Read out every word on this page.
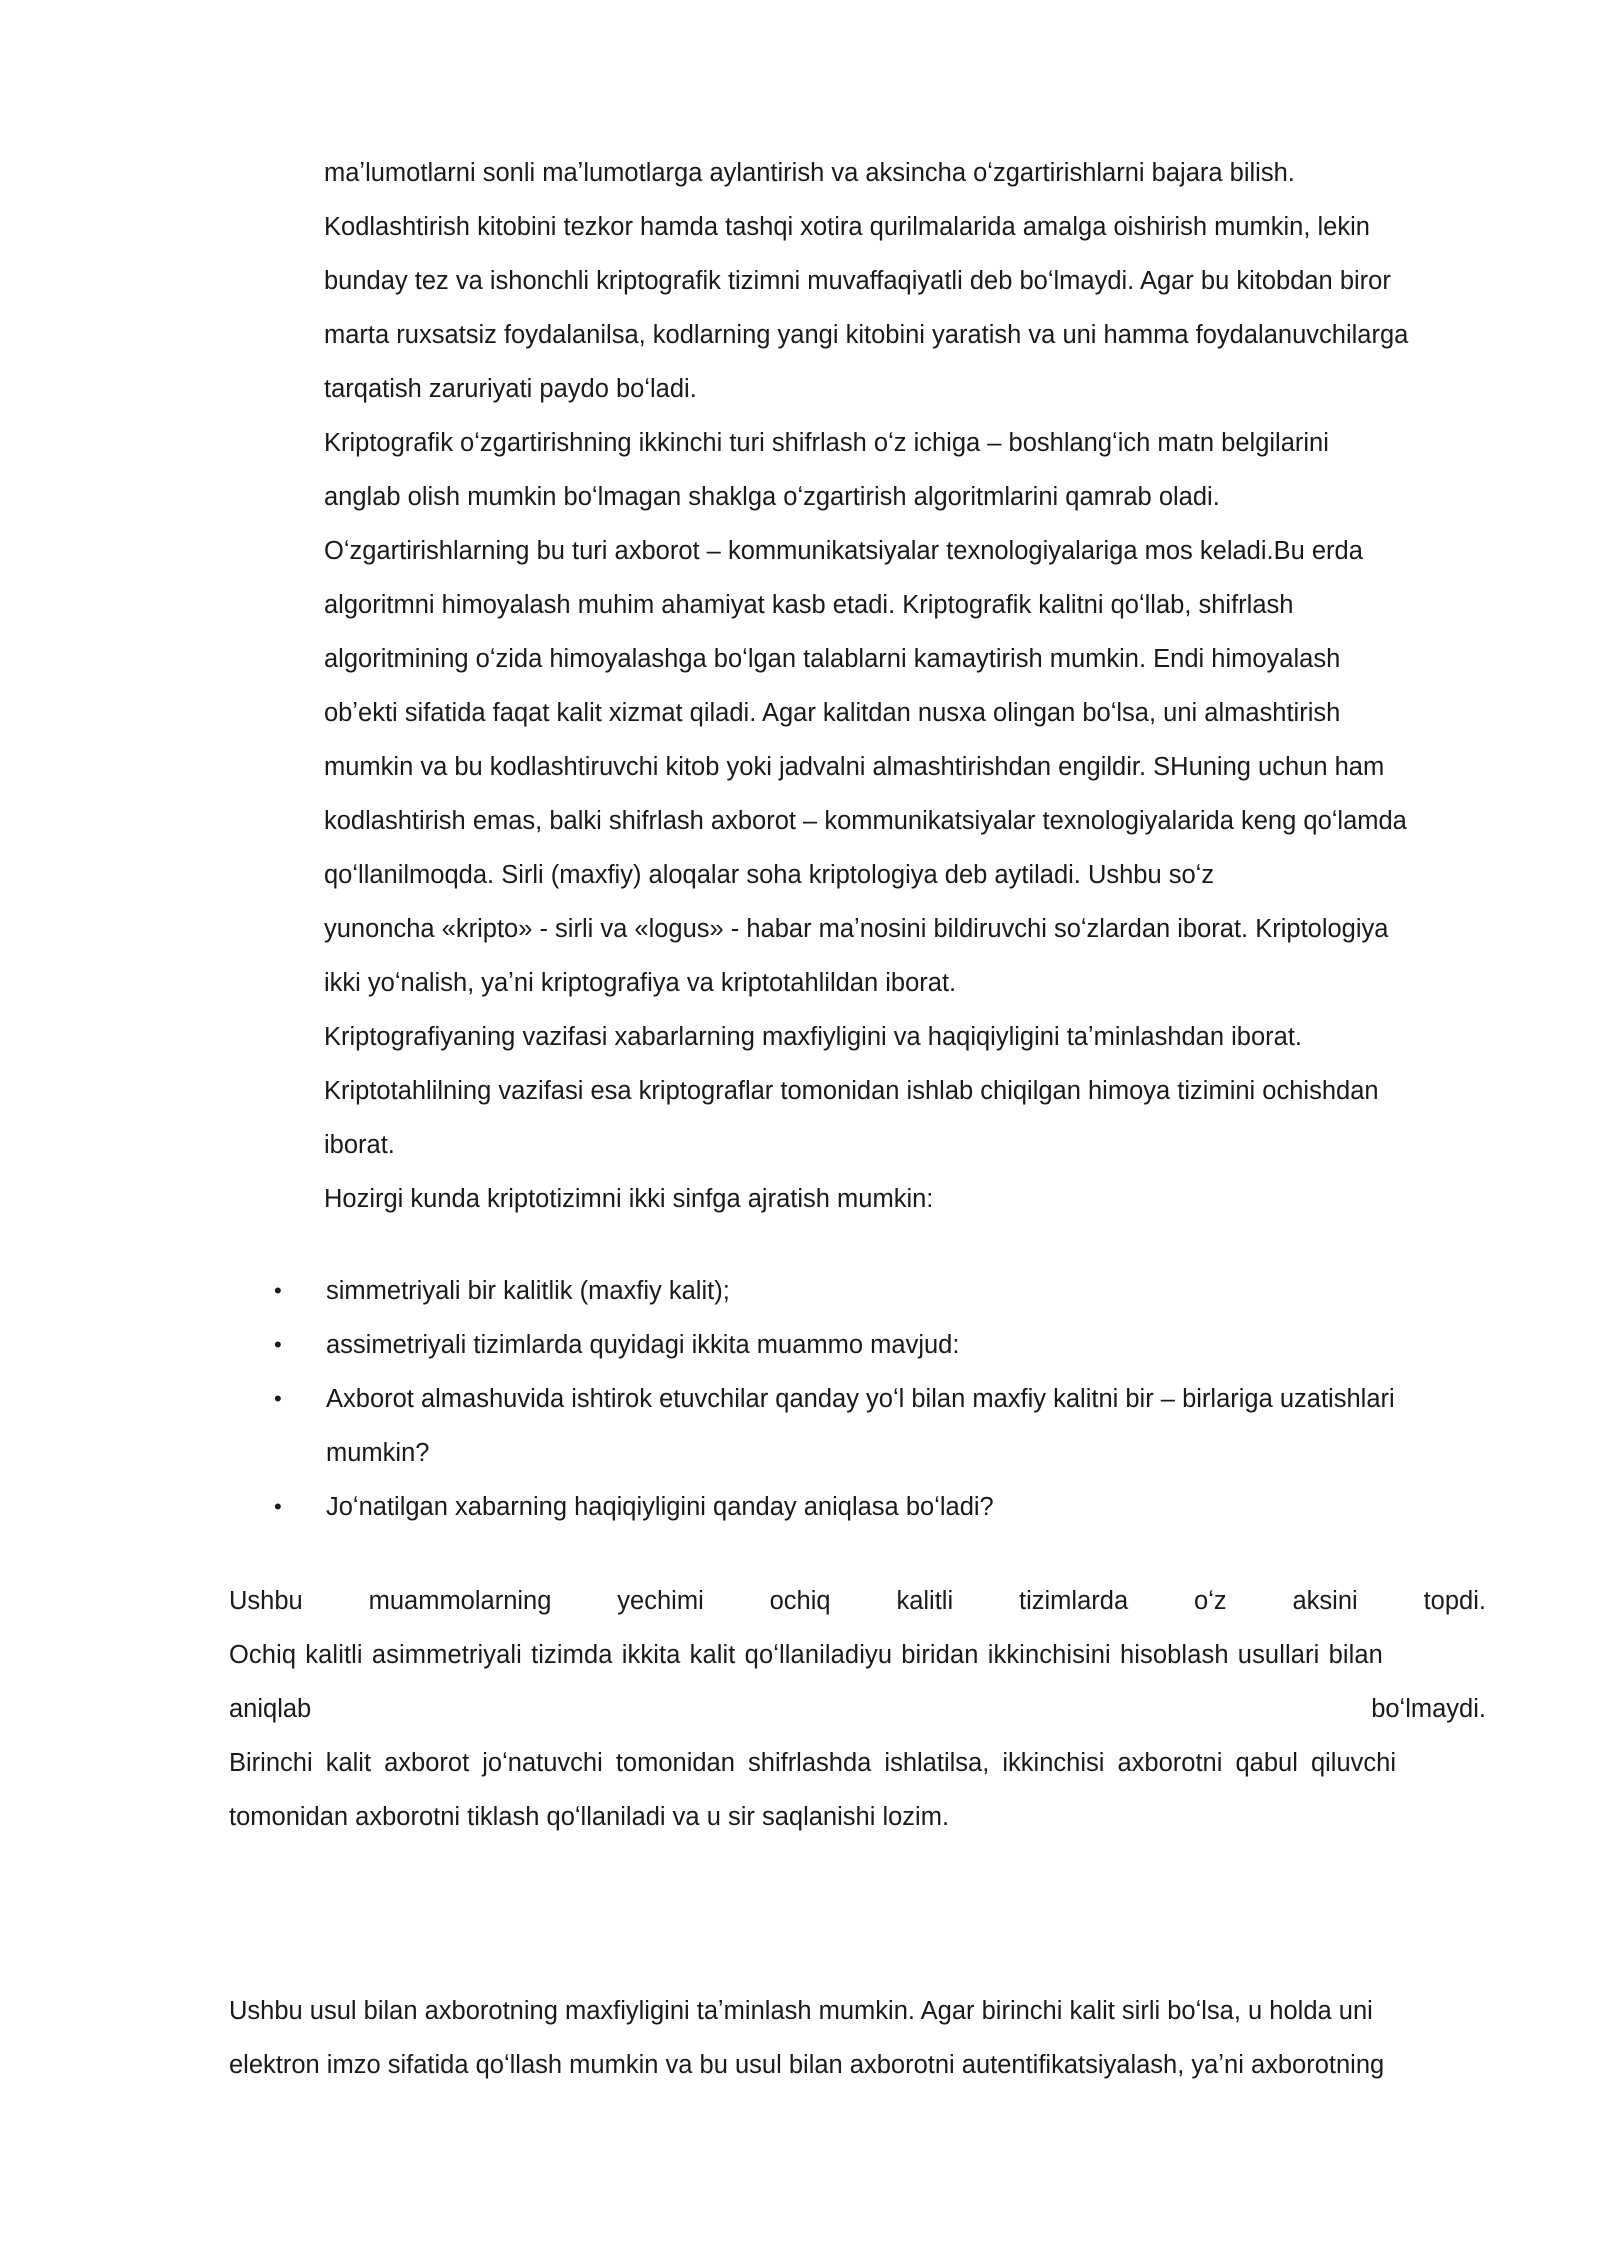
maʼlumotlarni sonli maʼlumotlarga aylantirish va aksincha oʻzgartirishlarni bajara bilish.
Kodlashtirish kitobini tezkor hamda tashqi xotira qurilmalarida amalga oishirish mumkin, lekin
bunday tez va ishonchli kriptografik tizimni muvaffaqiyatli deb boʻlmaydi. Agar bu kitobdan biror
marta ruxsatsiz foydalanilsa, kodlarning yangi kitobini yaratish va uni hamma foydalanuvchilarga
tarqatish zaruriyati paydo boʻladi.
Kriptografik oʻzgartirishning ikkinchi turi shifrlash oʻz ichiga – boshlangʻich matn belgilarini
anglab olish mumkin boʻlmagan shaklga oʻzgartirish algoritmlarini qamrab oladi.
Oʻzgartirishlarning bu turi axborot – kommunikatsiyalar texnologiyalariga mos keladi.Bu erda
algoritmni himoyalash muhim ahamiyat kasb etadi. Kriptografik kalitni qoʻllab, shifrlash
algoritmining oʻzida himoyalashga boʻlgan talablarni kamaytirish mumkin. Endi himoyalash
obʼekti sifatida faqat kalit xizmat qiladi. Agar kalitdan nusxa olingan boʻlsa, uni almashtirish
mumkin va bu kodlashtiruvchi kitob yoki jadvalni almashtirishdan engildir. SHuning uchun ham
kodlashtirish emas, balki shifrlash axborot – kommunikatsiyalar texnologiyalarida keng qoʻlamda
qoʻllanilmoqda. Sirli (maxfiy) aloqalar soha kriptologiya deb aytiladi. Ushbu soʻz
yunoncha «kripto» - sirli va «logus» - habar maʼnosini bildiruvchi soʻzlardan iborat. Kriptologiya
ikki yoʻnalish, yaʼni kriptografiya va kriptotahlildan iborat.
Kriptografiyaning vazifasi xabarlarning maxfiyligini va haqiqiyligini taʼminlashdan iborat.
Kriptotahlilning vazifasi esa kriptograflar tomonidan ishlab chiqilgan himoya tizimini ochishdan
iborat.
Hozirgi kunda kriptotizimni ikki sinfga ajratish mumkin:
•	simmetriyali bir kalitlik (maxfiy kalit);
•	assimetriyali tizimlarda quyidagi ikkita muammo mavjud:
•	Axborot almashuvida ishtirok etuvchilar qanday yoʻl bilan maxfiy kalitni bir – birlariga uzatishlari
mumkin?
•	Joʻnatilgan xabarning haqiqiyligini qanday aniqlasa boʻladi?
Ushbu	muammolarning	yechimi	ochiq	kalitli	tizimlarda	oʻz	aksini	topdi.
Ochiq kalitli asimmetriyali tizimda ikkita kalit qoʻllaniladiyu biridan ikkinchisini hisoblash usullari bilan
aniqlab	boʻlmaydi.
Birinchi kalit axborot joʻnatuvchi tomonidan shifrlashda ishlatilsa, ikkinchisi axborotni qabul qiluvchi
tomonidan axborotni tiklash qoʻllaniladi va u sir saqlanishi lozim.
Ushbu usul bilan axborotning maxfiyligini taʼminlash mumkin. Agar birinchi kalit sirli boʻlsa, u holda uni
elektron imzo sifatida qoʻllash mumkin va bu usul bilan axborotni autentifikatsiyalash, yaʼni axborotning
